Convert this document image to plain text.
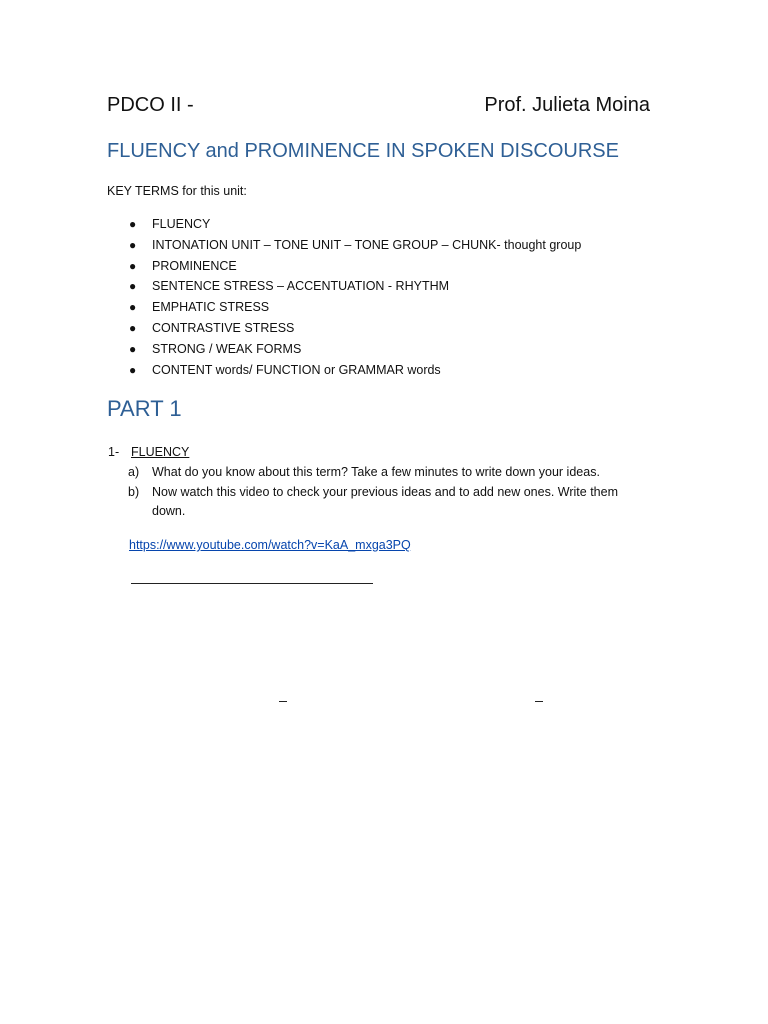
PDCO II -	Prof. Julieta Moina
FLUENCY and PROMINENCE IN SPOKEN DISCOURSE
KEY TERMS for this unit:
● FLUENCY
● INTONATION UNIT – TONE UNIT – TONE GROUP – CHUNK- thought group
● PROMINENCE
● SENTENCE STRESS – ACCENTUATION - RHYTHM
● EMPHATIC STRESS
● CONTRASTIVE STRESS
● STRONG / WEAK FORMS
● CONTENT words/ FUNCTION or GRAMMAR words
PART 1
1- FLUENCY
a) What do you know about this term? Take a few minutes to write down your ideas.
b) Now watch this video to check your previous ideas and to add new ones. Write them down.
https://www.youtube.com/watch?v=KaA_mxga3PQ
